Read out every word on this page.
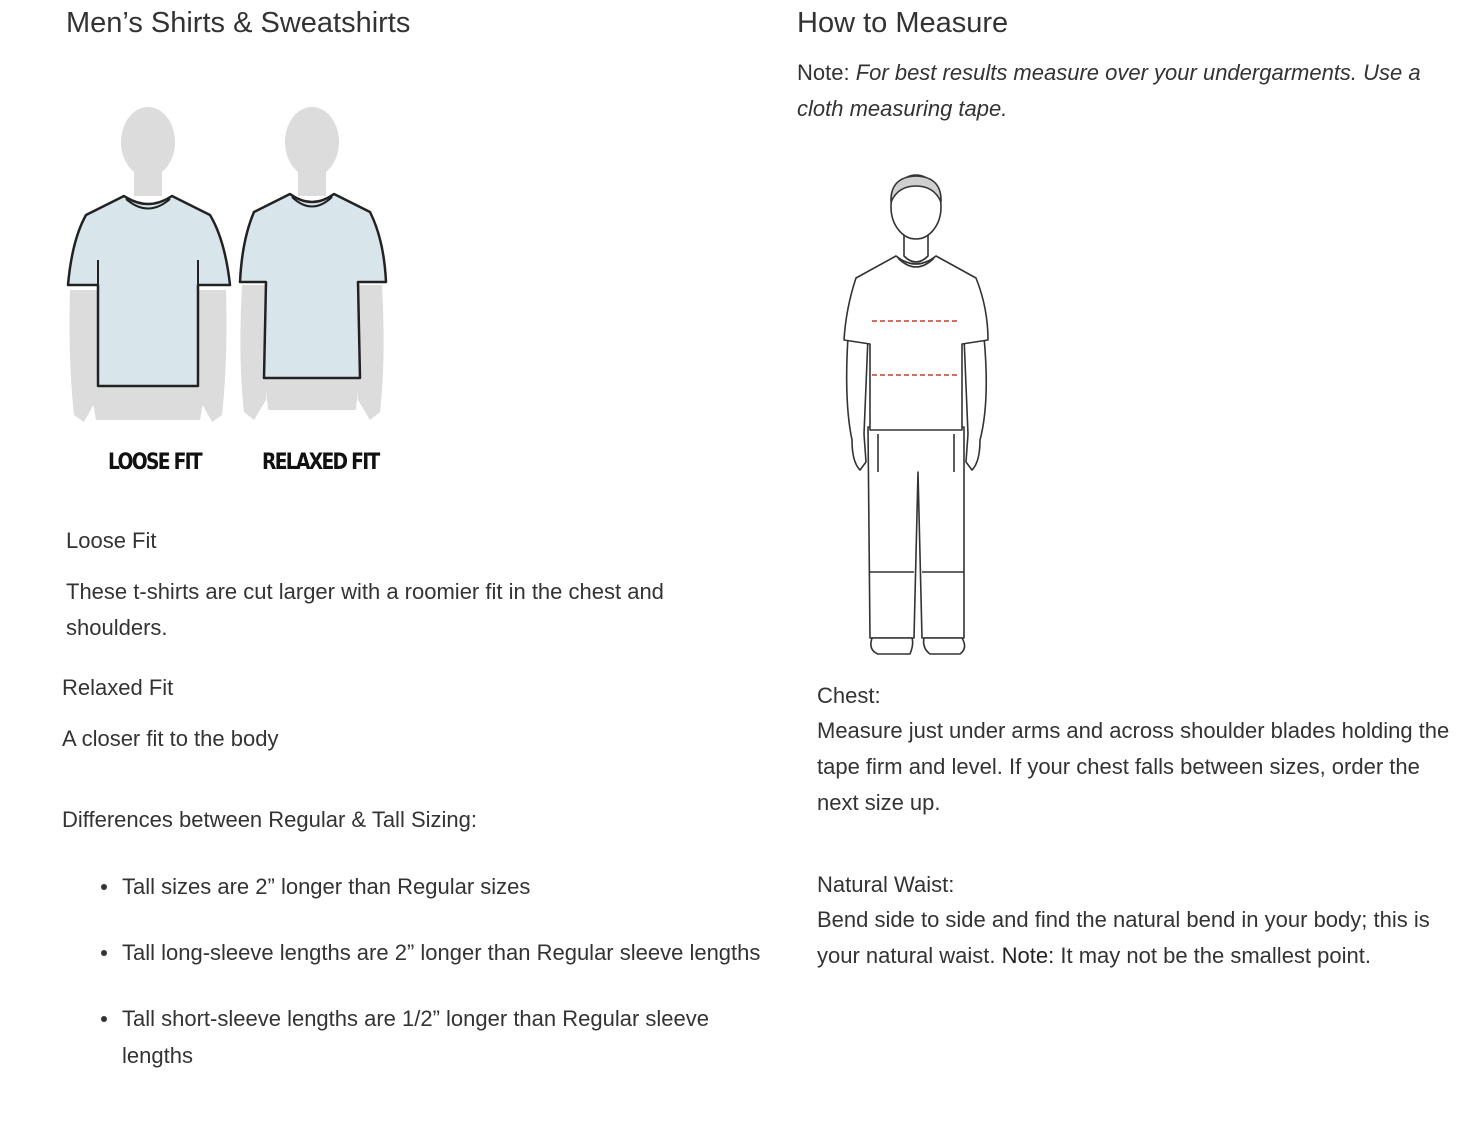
Men’s Shirts & Sweatshirts
LOOSE FIT	RELAXED FIT
Loose Fit
These t-shirts are cut larger with a roomier fit in the chest and shoulders.
Relaxed Fit
A closer fit to the body
Differences between Regular & Tall Sizing:
Tall sizes are 2” longer than Regular sizes
Tall long-sleeve lengths are 2” longer than Regular sleeve lengths
Tall short-sleeve lengths are 1/2” longer than Regular sleeve lengths
How to Measure
Note: For best results measure over your undergarments. Use a cloth measuring tape.
Chest:
Measure just under arms and across shoulder blades holding the tape firm and level. If your chest falls between sizes, order the next size up.
Natural Waist:
Bend side to side and find the natural bend in your body; this is your natural waist. Note: It may not be the smallest point.
